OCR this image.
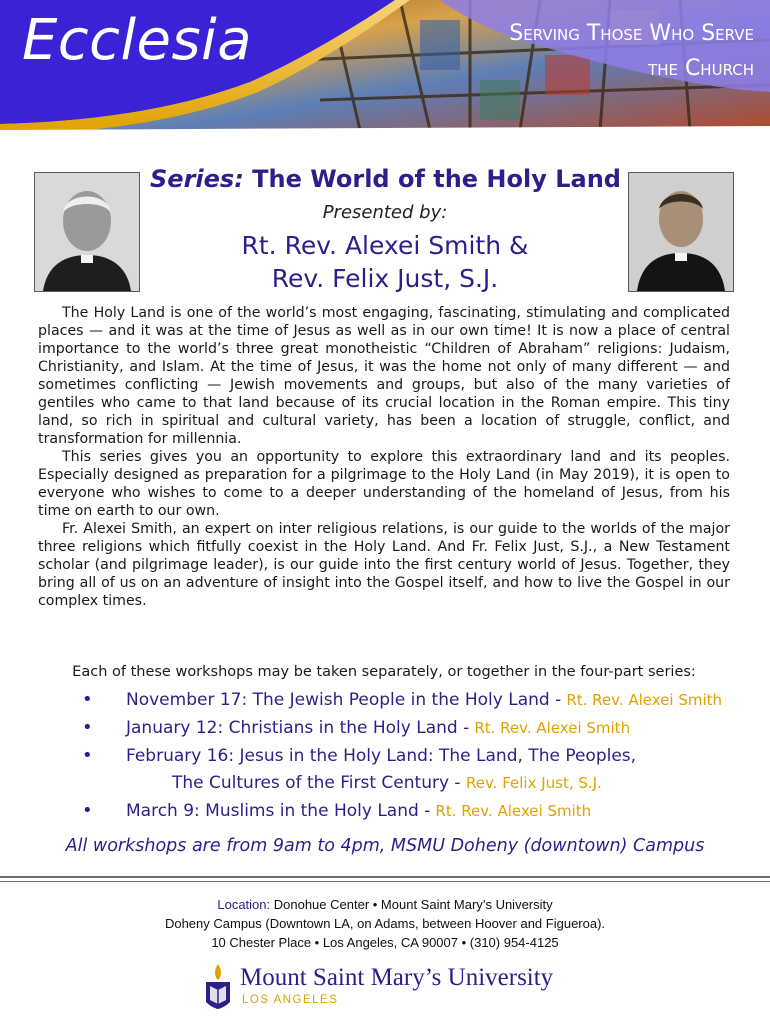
Ecclesia	Serving Those Who Serve
the Church
Series: The World of the Holy Land
Presented by:
Rt. Rev. Alexei Smith &
Rev. Felix Just, S.J.

The Holy Land is one of the world’s most engaging, fascinating, stimulating and complicated places — and it was at the time of Jesus as well as in our own time! It is now a place of central importance to the world’s three great monotheistic “Children of Abraham” religions: Judaism, Christianity, and Islam. At the time of Jesus, it was the home not only of many different — and sometimes conflicting — Jewish movements and groups, but also of the many varieties of gentiles who came to that land because of its crucial location in the Roman empire. This tiny land, so rich in spiritual and cultural variety, has been a location of struggle, conflict, and transformation for millennia.

This series gives you an opportunity to explore this extraordinary land and its peoples. Especially designed as preparation for a pilgrimage to the Holy Land (in May 2019), it is open to everyone who wishes to come to a deeper understanding of the homeland of Jesus, from his time on earth to our own.

Fr. Alexei Smith, an expert on inter religious relations, is our guide to the worlds of the major three religions which fitfully coexist in the Holy Land. And Fr. Felix Just, S.J., a New Testament scholar (and pilgrimage leader), is our guide into the first century world of Jesus. Together, they bring all of us on an adventure of insight into the Gospel itself, and how to live the Gospel in our complex times.

Each of these workshops may be taken separately, or together in the four-part series:
• November 17: The Jewish People in the Holy Land - Rt. Rev. Alexei Smith
• January 12: Christians in the Holy Land - Rt. Rev. Alexei Smith
• February 16: Jesus in the Holy Land: The Land, The Peoples,
The Cultures of the First Century - Rev. Felix Just, S.J.
• March 9: Muslims in the Holy Land - Rt. Rev. Alexei Smith
All workshops are from 9am to 4pm, MSMU Doheny (downtown) Campus
Location: Donohue Center • Mount Saint Mary’s University
Doheny Campus (Downtown LA, on Adams, between Hoover and Figueroa).
10 Chester Place • Los Angeles, CA 90007 • (310) 954-4125
Mount Saint Mary’s University
LOS ANGELES
